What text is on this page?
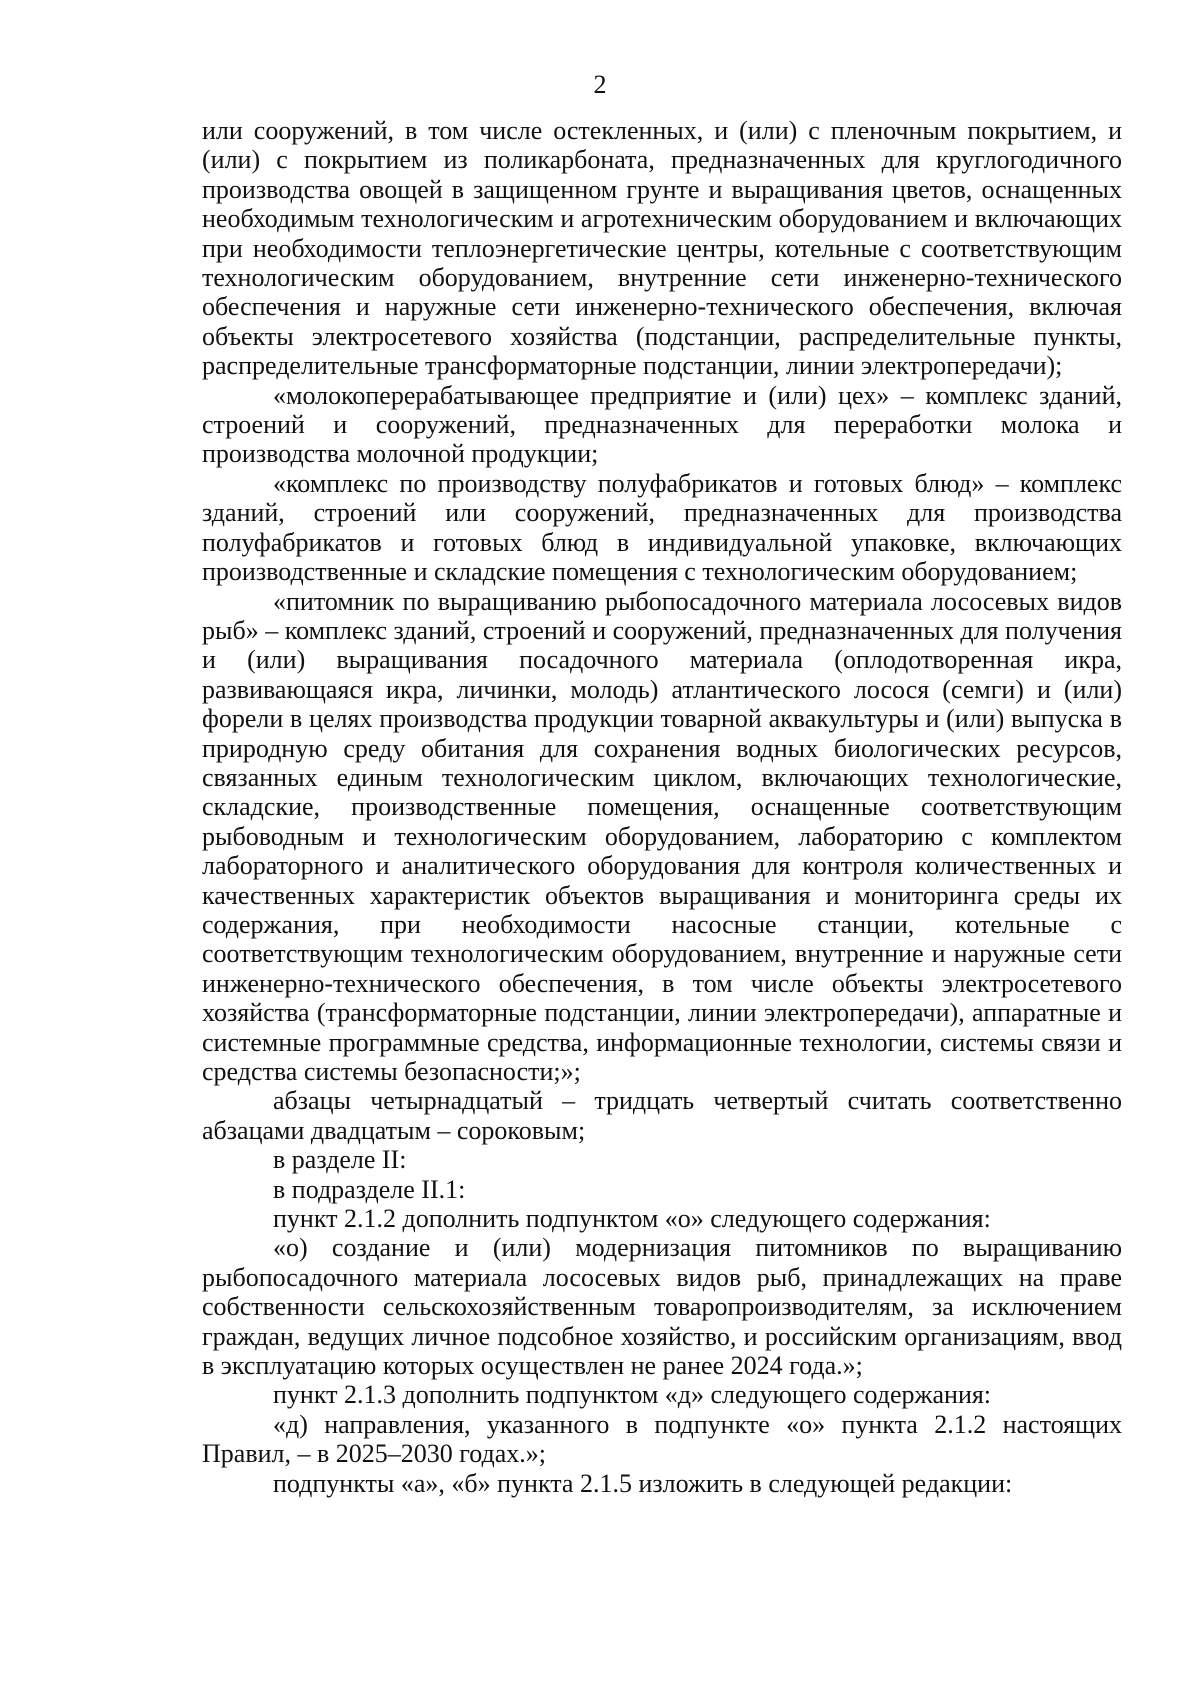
2

или сооружений, в том числе остекленных, и (или) с пленочным покрытием, и (или) с покрытием из поликарбоната, предназначенных для круглогодичного производства овощей в защищенном грунте и выращивания цветов, оснащенных необходимым технологическим и агротехническим оборудованием и включающих при необходимости теплоэнергетические центры, котельные с соответствующим технологическим оборудованием, внутренние сети инженерно-технического обеспечения и наружные сети инженерно-технического обеспечения, включая объекты электросетевого хозяйства (подстанции, распределительные пункты, распределительные трансформаторные подстанции, линии электропередачи);

«молокоперерабатывающее предприятие и (или) цех» – комплекс зданий, строений и сооружений, предназначенных для переработки молока и производства молочной продукции;

«комплекс по производству полуфабрикатов и готовых блюд» – комплекс зданий, строений или сооружений, предназначенных для производства полуфабрикатов и готовых блюд в индивидуальной упаковке, включающих производственные и складские помещения с технологическим оборудованием;

«питомник по выращиванию рыбопосадочного материала лососевых видов рыб» – комплекс зданий, строений и сооружений, предназначенных для получения и (или) выращивания посадочного материала (оплодотворенная икра, развивающаяся икра, личинки, молодь) атлантического лосося (семги) и (или) форели в целях производства продукции товарной аквакультуры и (или) выпуска в природную среду обитания для сохранения водных биологических ресурсов, связанных единым технологическим циклом, включающих технологические, складские, производственные помещения, оснащенные соответствующим рыбоводным и технологическим оборудованием, лабораторию с комплектом лабораторного и аналитического оборудования для контроля количественных и качественных характеристик объектов выращивания и мониторинга среды их содержания, при необходимости насосные станции, котельные с соответствующим технологическим оборудованием, внутренние и наружные сети инженерно-технического обеспечения, в том числе объекты электросетевого хозяйства (трансформаторные подстанции, линии электропередачи), аппаратные и системные программные средства, информационные технологии, системы связи и средства системы безопасности;»;

абзацы четырнадцатый – тридцать четвертый считать соответственно абзацами двадцатым – сороковым;

в разделе II:

в подразделе II.1:

пункт 2.1.2 дополнить подпунктом «о» следующего содержания:

«о) создание и (или) модернизация питомников по выращиванию рыбопосадочного материала лососевых видов рыб, принадлежащих на праве собственности сельскохозяйственным товаропроизводителям, за исключением граждан, ведущих личное подсобное хозяйство, и российским организациям, ввод в эксплуатацию которых осуществлен не ранее 2024 года.»;

пункт 2.1.3 дополнить подпунктом «д» следующего содержания:

«д) направления, указанного в подпункте «о» пункта 2.1.2 настоящих Правил, – в 2025–2030 годах.»;

подпункты «а», «б» пункта 2.1.5 изложить в следующей редакции:
